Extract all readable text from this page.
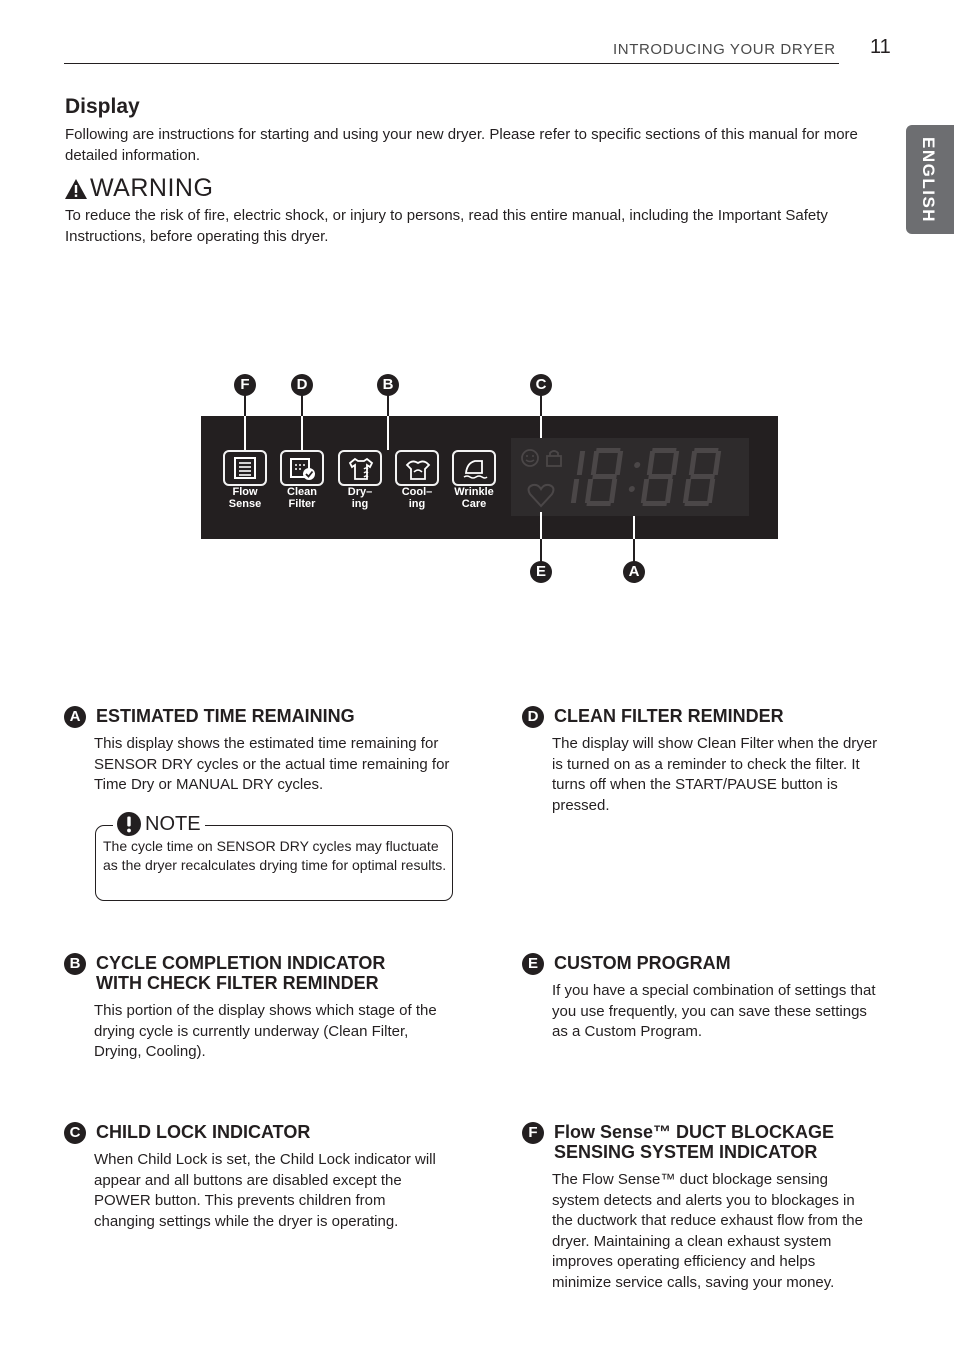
INTRODUCING YOUR DRYER 11
ENGLISH
Display
Following are instructions for starting and using your new dryer. Please refer to specific sections of this manual for more detailed information.
WARNING
To reduce the risk of fire, electric shock, or injury to persons, read this entire manual, including the Important Safety Instructions, before operating this dryer.
F	D	B	C
Flow
Sense
Clean
Filter
Dry–
ing
Cool–
ing
Wrinkle
Care
E	A
A ESTIMATED TIME REMAINING
This display shows the estimated time remaining for SENSOR DRY cycles or the actual time remaining for Time Dry or MANUAL DRY cycles.
NOTE
The cycle time on SENSOR DRY cycles may fluctuate as the dryer recalculates drying time for optimal results.
B CYCLE COMPLETION INDICATOR
WITH CHECK FILTER REMINDER
This portion of the display shows which stage of the drying cycle is currently underway (Clean Filter, Drying, Cooling).
C CHILD LOCK INDICATOR
When Child Lock is set, the Child Lock indicator will appear and all buttons are disabled except the POWER button. This prevents children from changing settings while the dryer is operating.
D CLEAN FILTER REMINDER
The display will show Clean Filter when the dryer is turned on as a reminder to check the filter. It turns off when the START/PAUSE button is pressed.
E CUSTOM PROGRAM
If you have a special combination of settings that you use frequently, you can save these settings as a Custom Program.
F Flow Sense™ DUCT BLOCKAGE
SENSING SYSTEM INDICATOR
The Flow Sense™ duct blockage sensing system detects and alerts you to blockages in the ductwork that reduce exhaust flow from the dryer. Maintaining a clean exhaust system improves operating efficiency and helps minimize service calls, saving your money.
